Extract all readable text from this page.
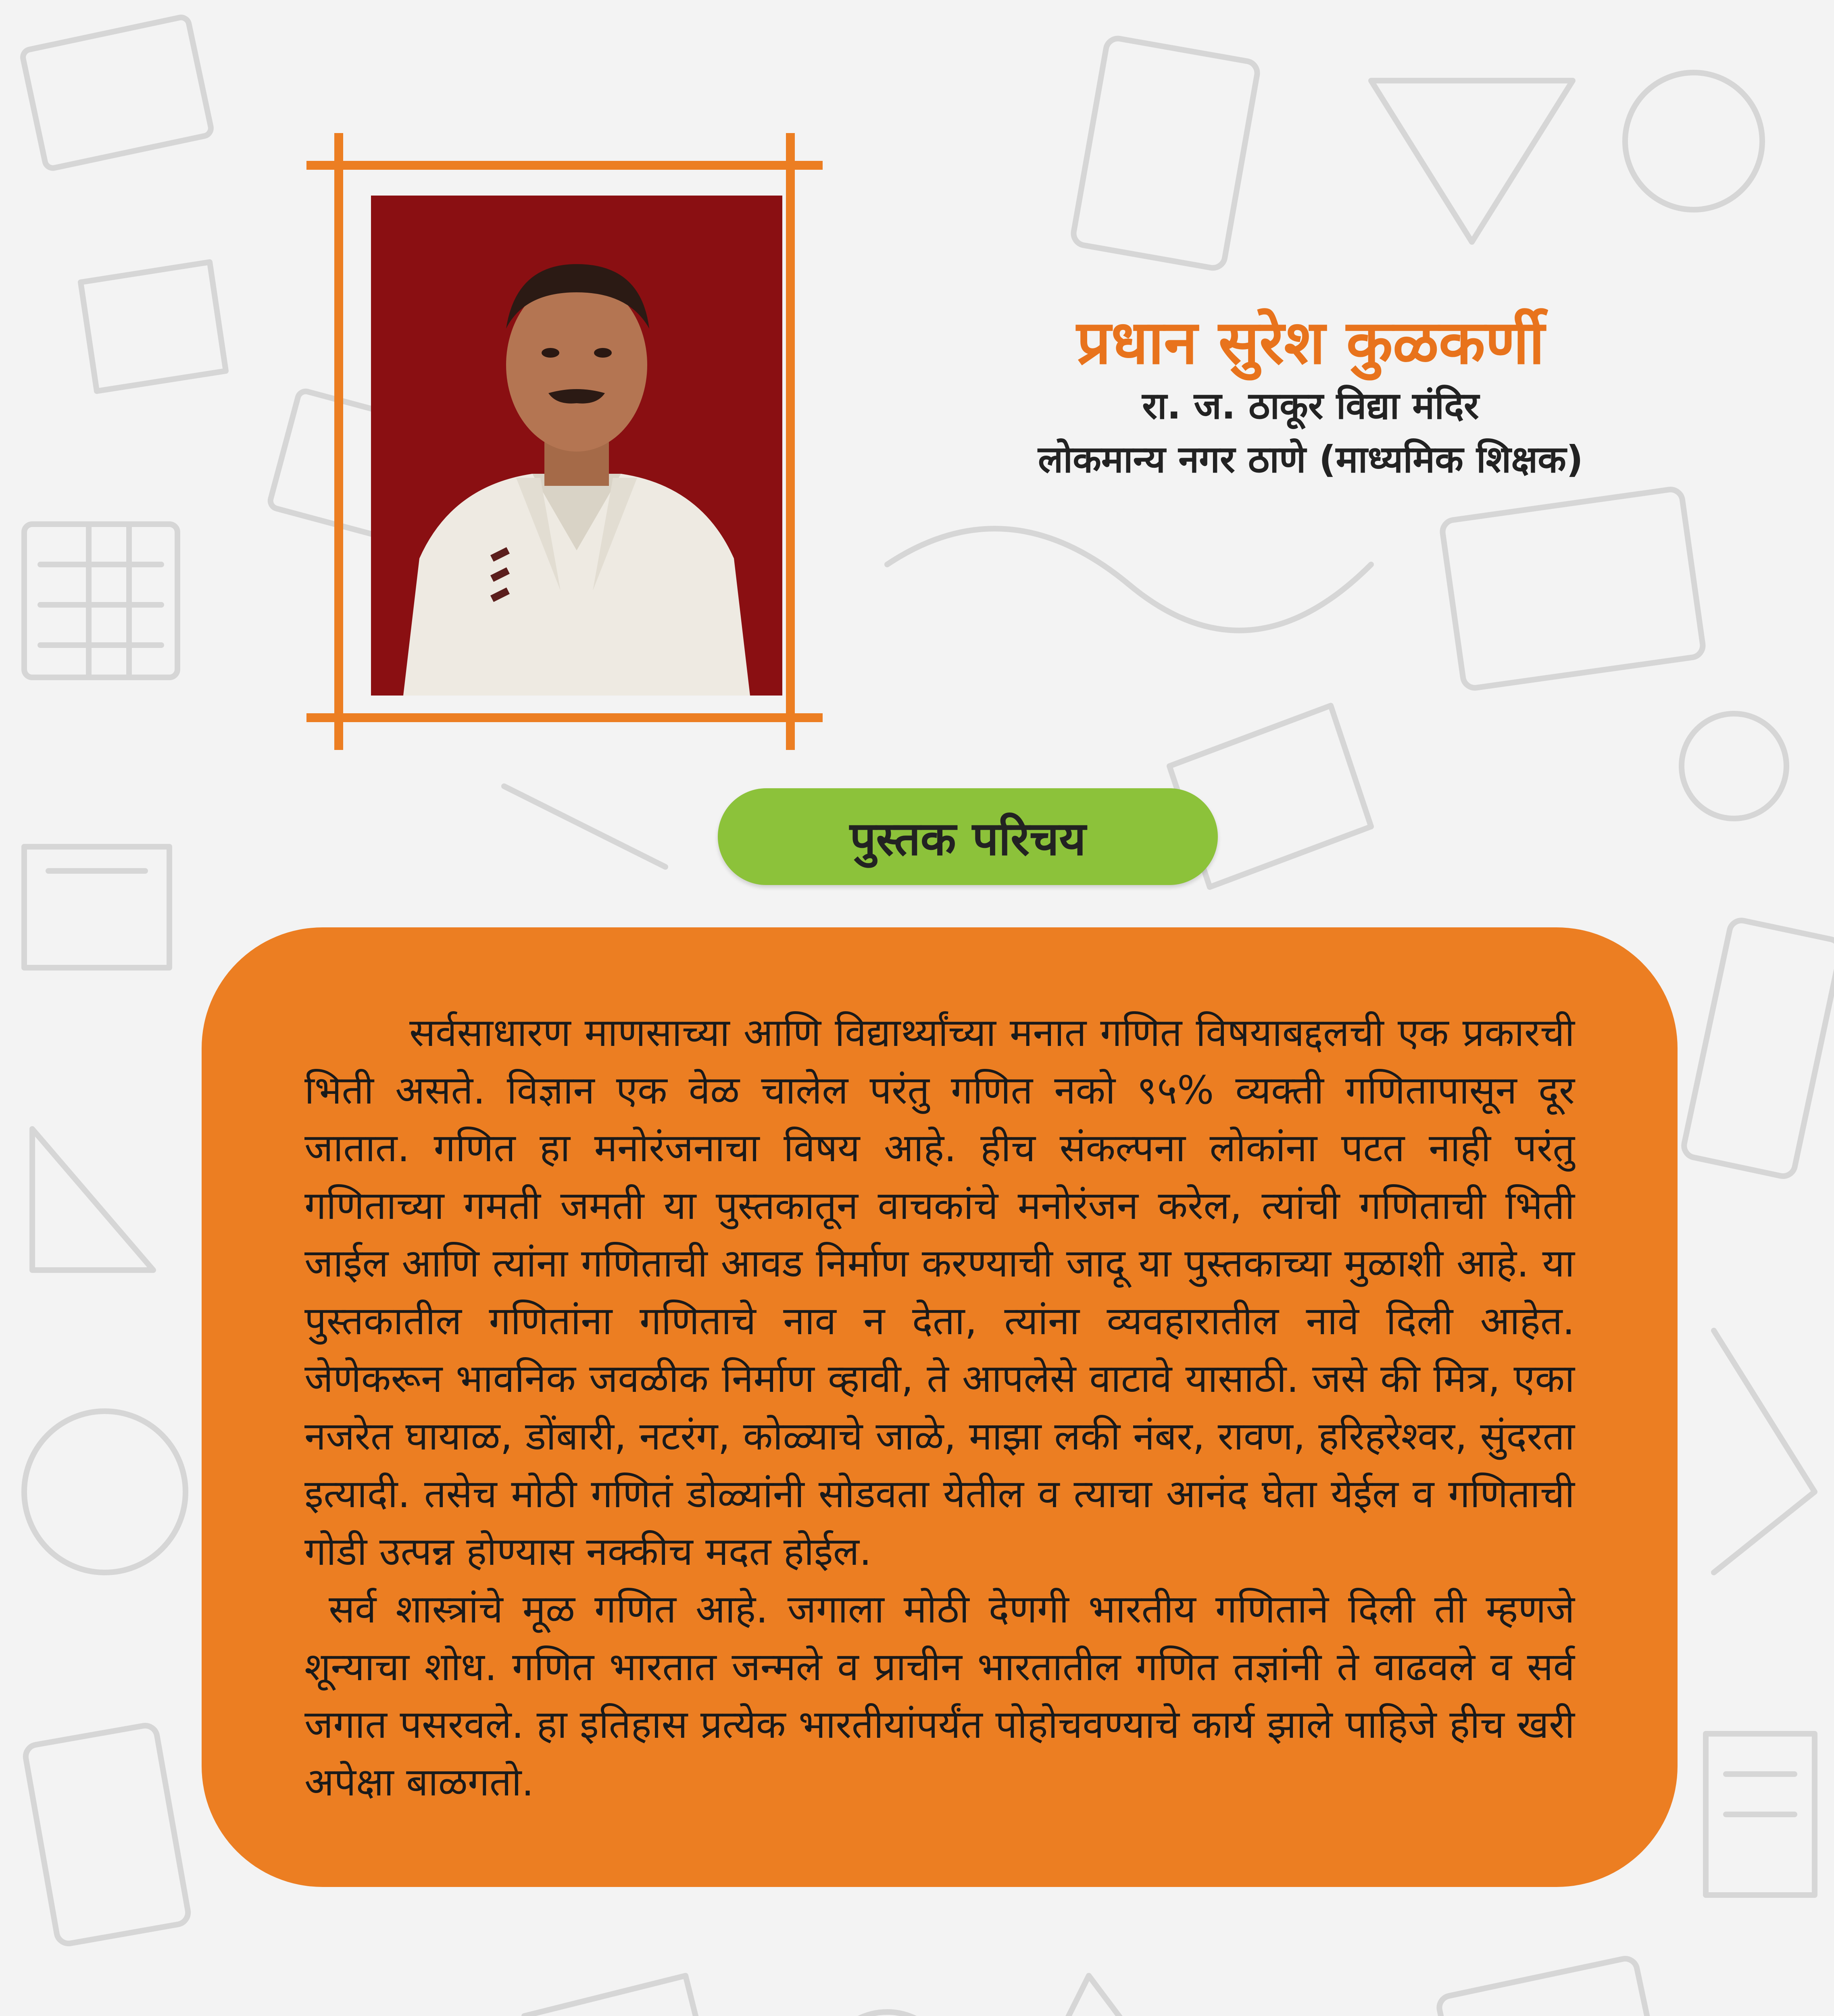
प्रधान सुरेश कुळकर्णी
रा. ज. ठाकूर विद्या मंदिर
लोकमान्य नगर ठाणे (माध्यमिक शिक्षक)
पुस्तक परिचय

सर्वसाधारण माणसाच्या आणि विद्यार्थ्यांच्या मनात गणित विषयाबद्दलची एक प्रकारची भिती असते. विज्ञान एक वेळ चालेल परंतु गणित नको ९५% व्यक्ती गणितापासून दूर जातात. गणित हा मनोरंजनाचा विषय आहे. हीच संकल्पना लोकांना पटत नाही परंतु गणिताच्या गमती जमती या पुस्तकातून वाचकांचे मनोरंजन करेल, त्यांची गणिताची भिती जाईल आणि त्यांना गणिताची आवड निर्माण करण्याची जादू या पुस्तकाच्या मुळाशी आहे. या पुस्तकातील गणितांना गणिताचे नाव न देता, त्यांना व्यवहारातील नावे दिली आहेत. जेणेकरून भावनिक जवळीक निर्माण व्हावी, ते आपलेसे वाटावे यासाठी. जसे की मित्र, एका नजरेत घायाळ, डोंबारी, नटरंग, कोळ्याचे जाळे, माझा लकी नंबर, रावण, हरिहरेश्वर, सुंदरता इत्यादी. तसेच मोठी गणितं डोळ्यांनी सोडवता येतील व त्याचा आनंद घेता येईल व गणिताची गोडी उत्पन्न होण्यास नक्कीच मदत होईल.

सर्व शास्त्रांचे मूळ गणित आहे. जगाला मोठी देणगी भारतीय गणिताने दिली ती म्हणजे शून्याचा शोध. गणित भारतात जन्मले व प्राचीन भारतातील गणित तज्ञांनी ते वाढवले व सर्व जगात पसरवले. हा इतिहास प्रत्येक भारतीयांपर्यंत पोहोचवण्याचे कार्य झाले पाहिजे हीच खरी अपेक्षा बाळगतो.
